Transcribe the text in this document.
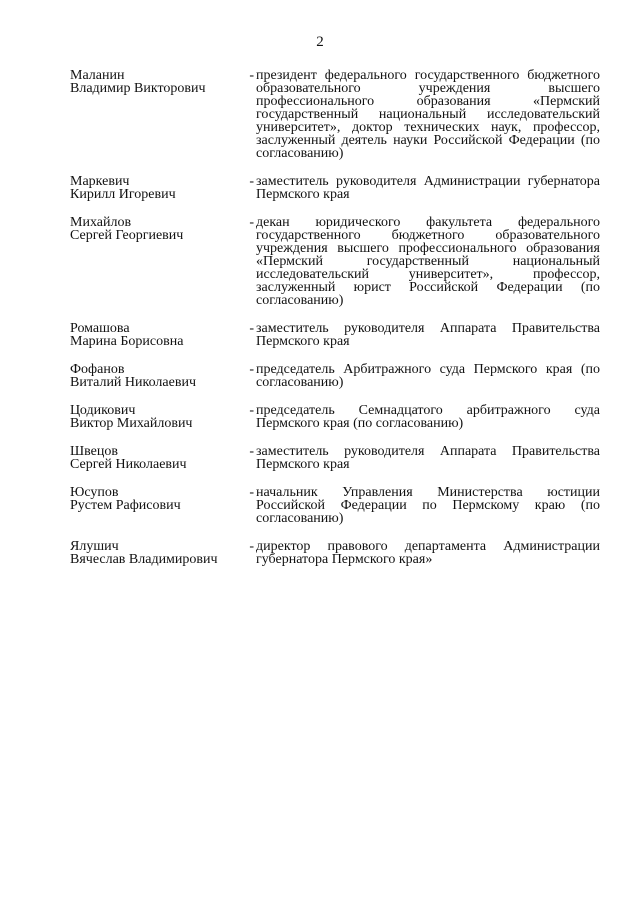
2
Маланин
Владимир Викторович
- президент федерального государственного бюджетного образовательного учреждения высшего профессионального образования «Пермский государственный национальный исследовательский университет», доктор технических наук, профессор, заслуженный деятель науки Российской Федерации (по согласованию)
Маркевич
Кирилл Игоревич
- заместитель руководителя Администрации губернатора Пермского края
Михайлов
Сергей Георгиевич
- декан юридического факультета федерального государственного бюджетного образовательного учреждения высшего профессионального образования «Пермский государственный национальный исследовательский университет», профессор, заслуженный юрист Российской Федерации (по согласованию)
Ромашова
Марина Борисовна
- заместитель руководителя Аппарата Правительства Пермского края
Фофанов
Виталий Николаевич
- председатель Арбитражного суда Пермского края (по согласованию)
Цодикович
Виктор Михайлович
- председатель Семнадцатого арбитражного суда Пермского края (по согласованию)
Швецов
Сергей Николаевич
- заместитель руководителя Аппарата Правительства Пермского края
Юсупов
Рустем Рафисович
- начальник Управления Министерства юстиции Российской Федерации по Пермскому краю (по согласованию)
Ялушич
Вячеслав Владимирович
- директор правового департамента Администрации губернатора Пермского края»
